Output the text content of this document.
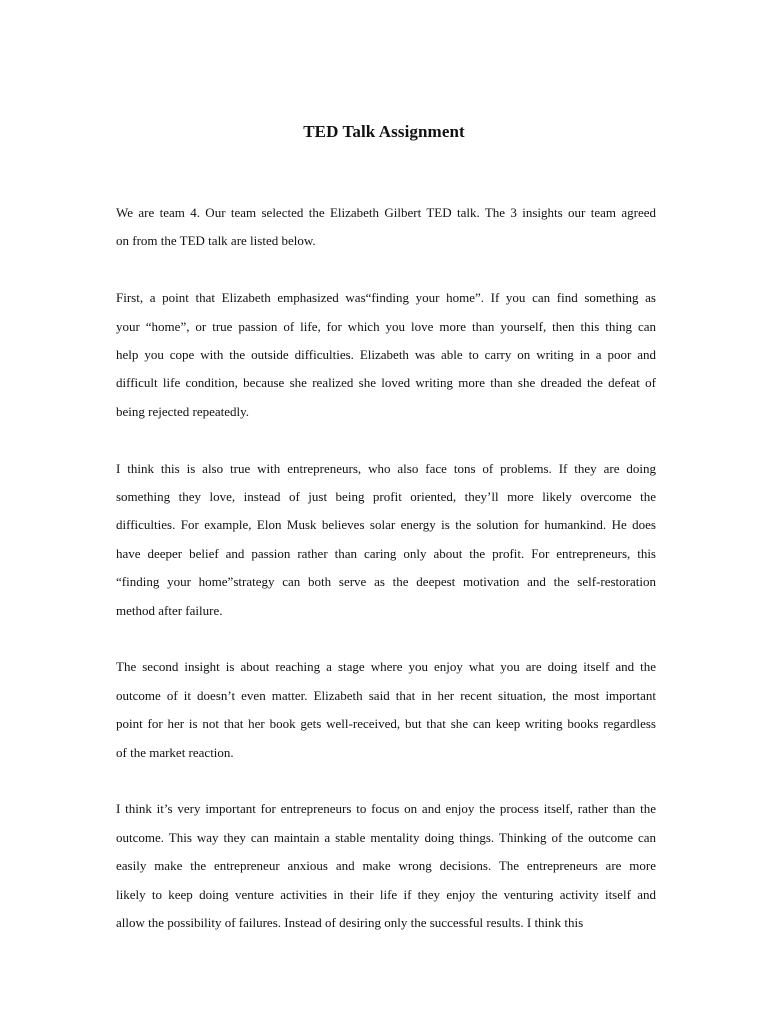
TED Talk Assignment

We are team 4. Our team selected the Elizabeth Gilbert TED talk. The 3 insights our team agreed
on from the TED talk are listed below.

First, a point that Elizabeth emphasized was“finding your home”. If you can find something as
your “home”, or true passion of life, for which you love more than yourself, then this thing can
help you cope with the outside difficulties. Elizabeth was able to carry on writing in a poor and
difficult life condition, because she realized she loved writing more than she dreaded the defeat of
being rejected repeatedly.

I think this is also true with entrepreneurs, who also face tons of problems. If they are doing
something they love, instead of just being profit oriented, they’ll more likely overcome the
difficulties. For example, Elon Musk believes solar energy is the solution for humankind. He does
have deeper belief and passion rather than caring only about the profit. For entrepreneurs, this
“finding your home”strategy can both serve as the deepest motivation and the self-restoration
method after failure.

The second insight is about reaching a stage where you enjoy what you are doing itself and the
outcome of it doesn’t even matter. Elizabeth said that in her recent situation, the most important
point for her is not that her book gets well-received, but that she can keep writing books regardless
of the market reaction.

I think it’s very important for entrepreneurs to focus on and enjoy the process itself, rather than the
outcome. This way they can maintain a stable mentality doing things. Thinking of the outcome can
easily make the entrepreneur anxious and make wrong decisions. The entrepreneurs are more
likely to keep doing venture activities in their life if they enjoy the venturing activity itself and
allow the possibility of failures. Instead of desiring only the successful results. I think this
